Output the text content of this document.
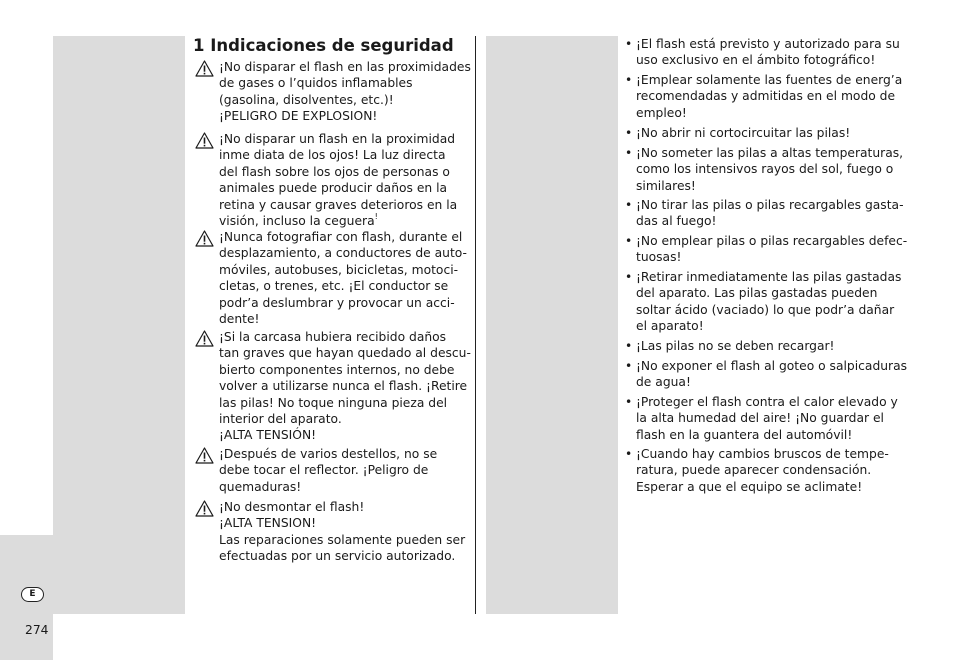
1 Indicaciones de seguridad

¡No disparar el flash en las proximidades

de gases o l’quidos inflamables

(gasolina, disolventes, etc.)!

¡PELIGRO DE EXPLOSION!

¡No disparar un flash en la proximidad

inme diata de los ojos! La luz directa

del flash sobre los ojos de personas o

animales puede producir daños en la

retina y causar graves deterioros en la

visión, incluso la ceguera!

¡Nunca fotografiar con flash, durante el

desplazamiento, a conductores de auto-

móviles, autobuses, bicicletas, motoci-

cletas, o trenes, etc. ¡El conductor se

podr’a deslumbrar y provocar un acci-

dente!

¡Si la carcasa hubiera recibido daños

tan graves que hayan quedado al descu-

bierto componentes internos, no debe

volver a utilizarse nunca el flash. ¡Retire

las pilas! No toque ninguna pieza del

interior del aparato.

¡ALTA TENSIÓN!

¡Después de varios destellos, no se

debe tocar el reflector. ¡Peligro de

quemaduras!

¡No desmontar el flash!

¡ALTA TENSION!

Las reparaciones solamente pueden ser

efectuadas por un servicio autorizado.

• ¡El flash está previsto y autorizado para su

uso exclusivo en el ámbito fotográfico!

• ¡Emplear solamente las fuentes de energ’a

recomendadas y admitidas en el modo de

empleo!

• ¡No abrir ni cortocircuitar las pilas!

• ¡No someter las pilas a altas temperaturas,

como los intensivos rayos del sol, fuego o

similares!

• ¡No tirar las pilas o pilas recargables gasta-

das al fuego!

• ¡No emplear pilas o pilas recargables defec-

tuosas!

• ¡Retirar inmediatamente las pilas gastadas

del aparato. Las pilas gastadas pueden

soltar ácido (vaciado) lo que podr’a dañar

el aparato!

• ¡Las pilas no se deben recargar!

• ¡No exponer el flash al goteo o salpicaduras

de agua!

• ¡Proteger el flash contra el calor elevado y

la alta humedad del aire! ¡No guardar el

flash en la guantera del automóvil!

• ¡Cuando hay cambios bruscos de tempe-

ratura, puede aparecer condensación.

Esperar a que el equipo se aclimate!

E
274
